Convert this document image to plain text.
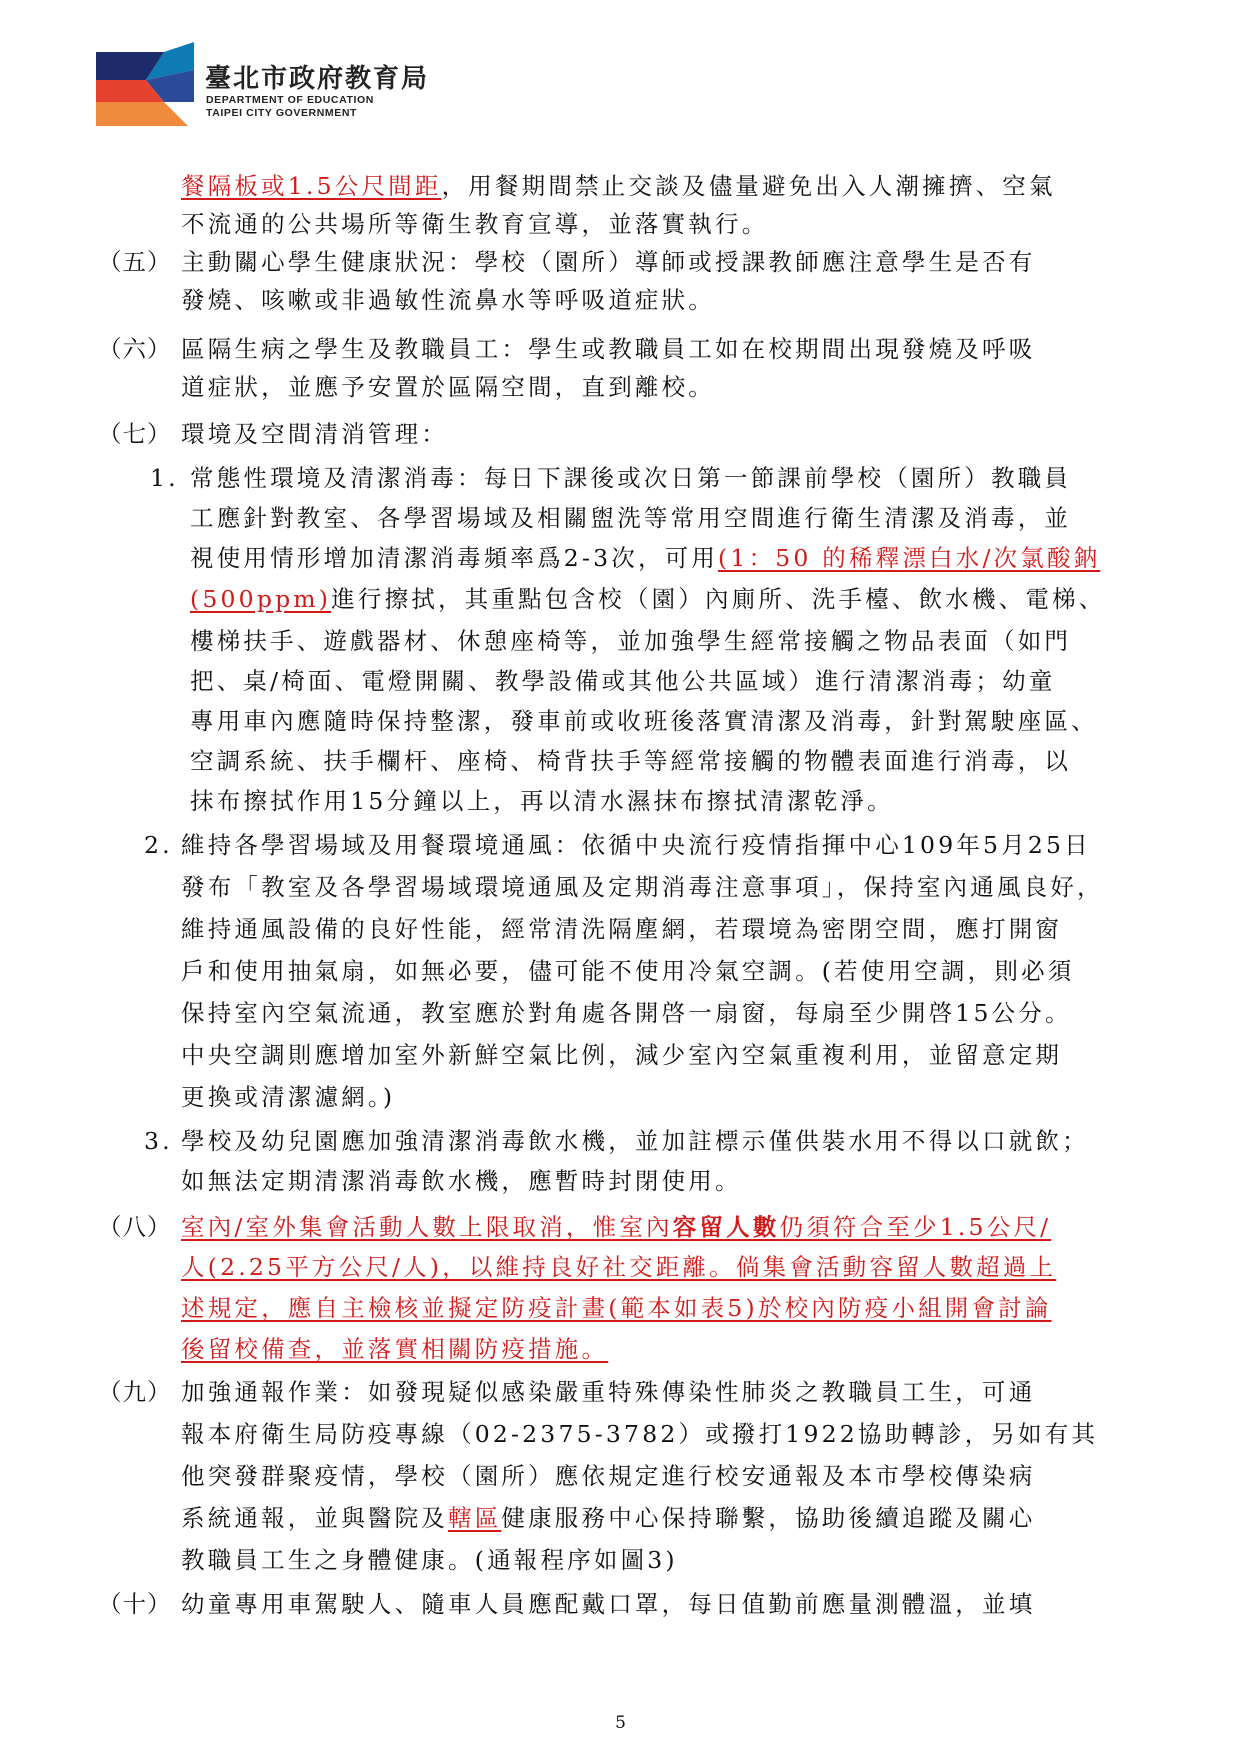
臺北市政府教育局
DEPARTMENT OF EDUCATION
TAIPEI CITY GOVERNMENT
餐隔板或1.5公尺間距，用餐期間禁止交談及儘量避免出入人潮擁擠、空氣
不流通的公共場所等衛生教育宣導，並落實執行。
（五） 主動關心學生健康狀況：學校（園所）導師或授課教師應注意學生是否有
發燒、咳嗽或非過敏性流鼻水等呼吸道症狀。
（六） 區隔生病之學生及教職員工：學生或教職員工如在校期間出現發燒及呼吸
道症狀，並應予安置於區隔空間，直到離校。
（七） 環境及空間清消管理：
1. 常態性環境及清潔消毒：每日下課後或次日第一節課前學校（園所）教職員
工應針對教室、各學習場域及相關盥洗等常用空間進行衛生清潔及消毒，並
視使用情形增加清潔消毒頻率爲2-3次，可用(1：50 的稀釋漂白水/次氯酸鈉
(500ppm)進行擦拭，其重點包含校（園）內廁所、洗手檯、飲水機、電梯、
樓梯扶手、遊戲器材、休憩座椅等，並加強學生經常接觸之物品表面（如門
把、桌/椅面、電燈開關、教學設備或其他公共區域）進行清潔消毒；幼童
專用車內應隨時保持整潔，發車前或收班後落實清潔及消毒，針對駕駛座區、
空調系統、扶手欄杆、座椅、椅背扶手等經常接觸的物體表面進行消毒，以
抹布擦拭作用15分鐘以上，再以清水濕抹布擦拭清潔乾淨。
2. 維持各學習場域及用餐環境通風：依循中央流行疫情指揮中心109年5月25日
發布「教室及各學習場域環境通風及定期消毒注意事項」，保持室內通風良好，
維持通風設備的良好性能，經常清洗隔塵網，若環境為密閉空間，應打開窗
戶和使用抽氣扇，如無必要，儘可能不使用冷氣空調。(若使用空調，則必須
保持室內空氣流通，教室應於對角處各開啓一扇窗，每扇至少開啓15公分。
中央空調則應增加室外新鮮空氣比例，減少室內空氣重複利用，並留意定期
更換或清潔濾網。)
3. 學校及幼兒園應加強清潔消毒飲水機，並加註標示僅供裝水用不得以口就飲；
如無法定期清潔消毒飲水機，應暫時封閉使用。
（八） 室內/室外集會活動人數上限取消，惟室內容留人數仍須符合至少1.5公尺/
人(2.25平方公尺/人)，以維持良好社交距離。倘集會活動容留人數超過上
述規定，應自主檢核並擬定防疫計畫(範本如表5)於校內防疫小組開會討論
後留校備查，並落實相關防疫措施。
（九） 加強通報作業：如發現疑似感染嚴重特殊傳染性肺炎之教職員工生，可通
報本府衛生局防疫專線（02-2375-3782）或撥打1922協助轉診，另如有其
他突發群聚疫情，學校（園所）應依規定進行校安通報及本市學校傳染病
系統通報，並與醫院及轄區健康服務中心保持聯繫，協助後續追蹤及關心
教職員工生之身體健康。(通報程序如圖3)
（十） 幼童專用車駕駛人、隨車人員應配戴口罩，每日值勤前應量測體溫，並填
5
